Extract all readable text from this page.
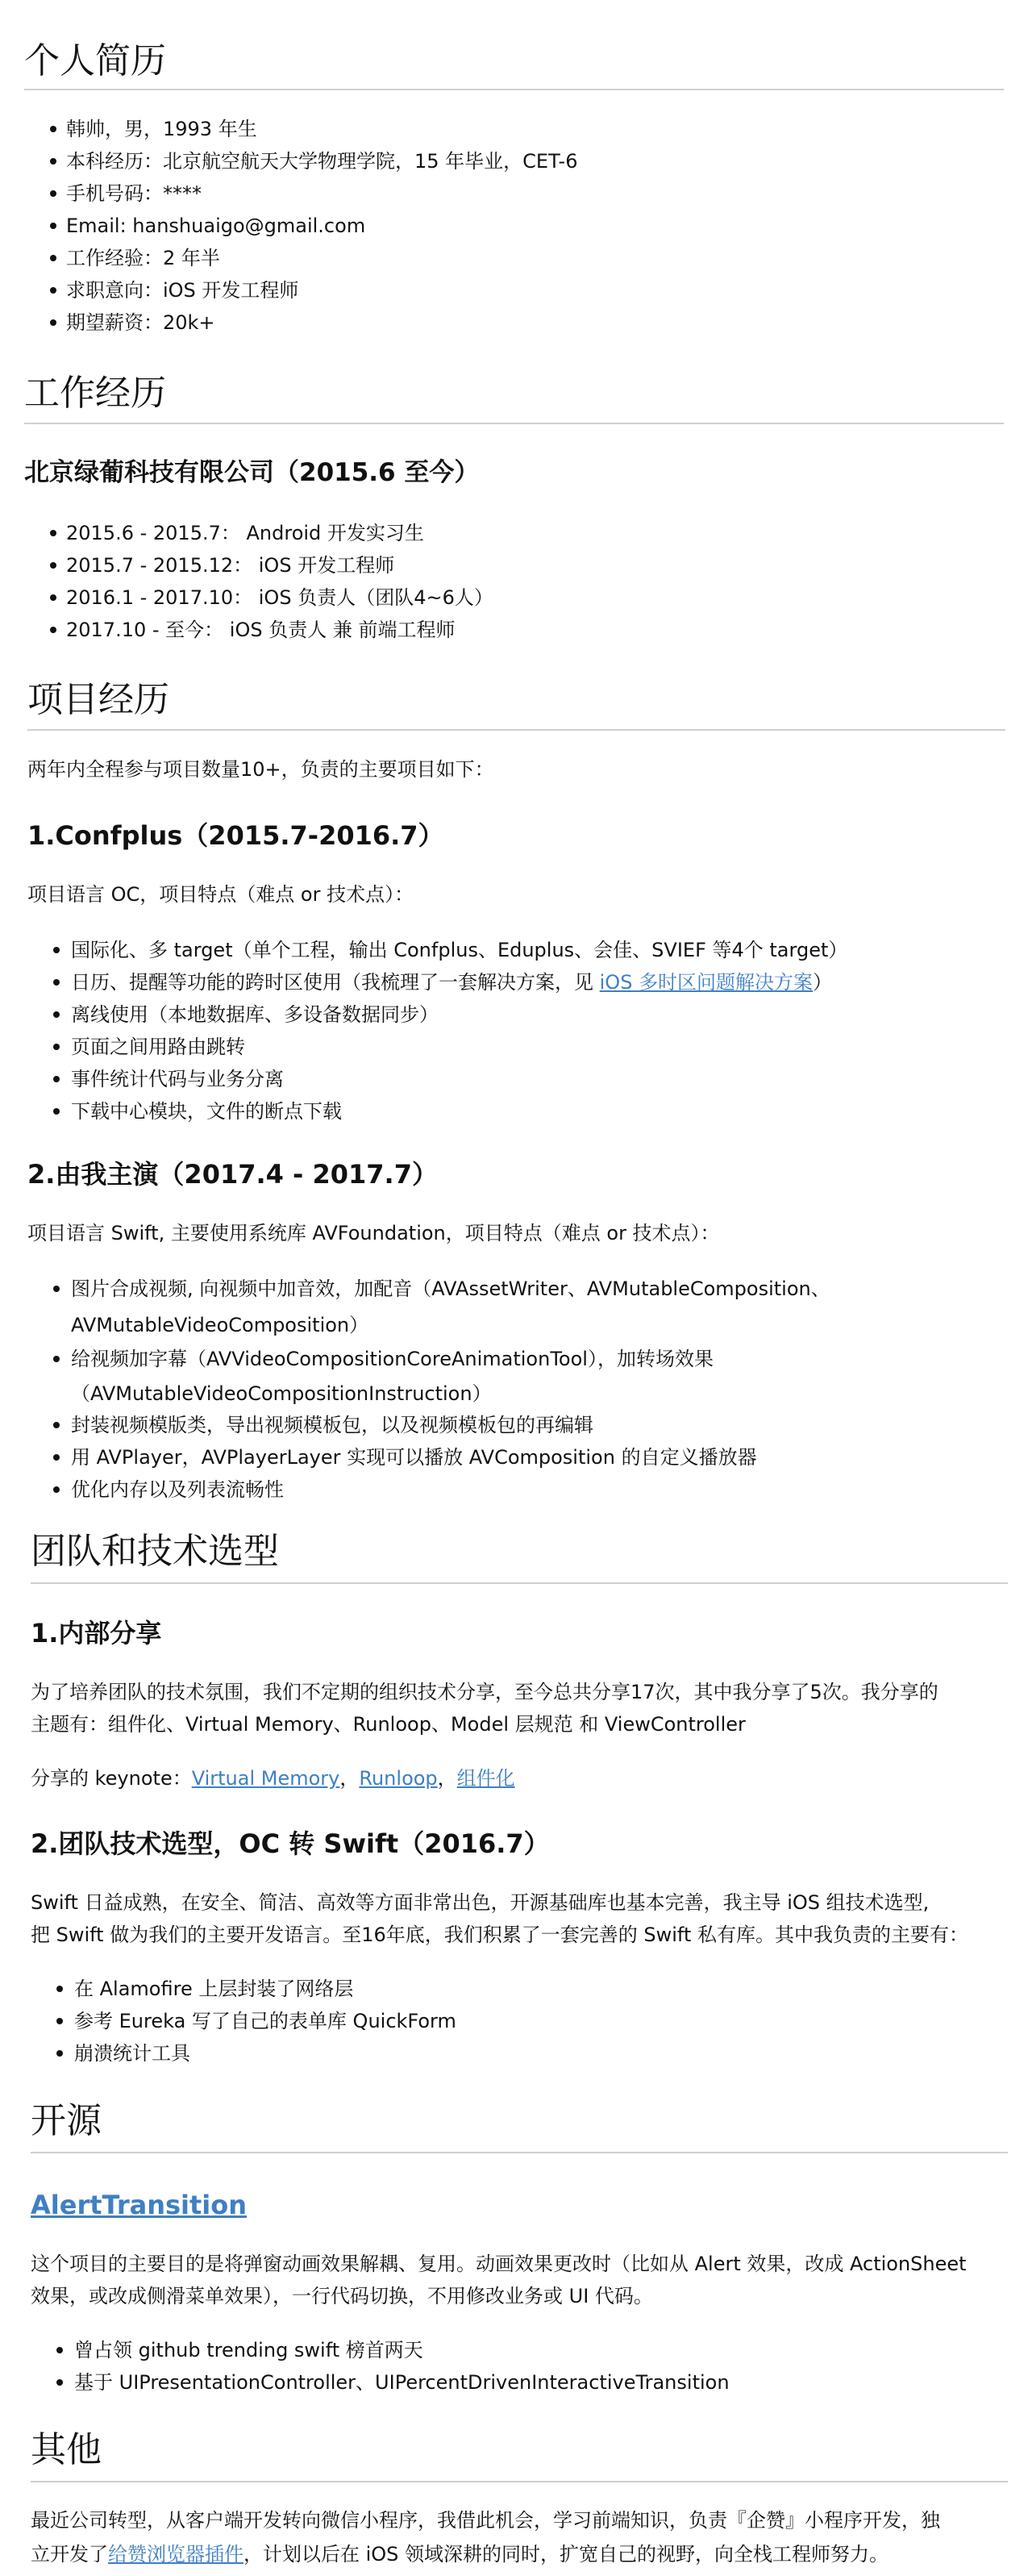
个人简历
韩帅，男，1993 年生
本科经历：北京航空航天大学物理学院，15 年毕业，CET-6
手机号码：****
Email: hanshuaigo@gmail.com
工作经验：2 年半
求职意向：iOS 开发工程师
期望薪资：20k+
工作经历
北京绿葡科技有限公司（2015.6 至今）
2015.6 - 2015.7： Android 开发实习生
2015.7 - 2015.12： iOS 开发工程师
2016.1 - 2017.10： iOS 负责人（团队4~6人）
2017.10 - 至今： iOS 负责人 兼 前端工程师
项目经历
两年内全程参与项目数量10+，负责的主要项目如下：
1.Confplus（2015.7-2016.7）
项目语言 OC，项目特点（难点 or 技术点）：
国际化、多 target（单个工程，输出 Confplus、Eduplus、会佳、SVIEF 等4个 target）
日历、提醒等功能的跨时区使用（我梳理了一套解决方案，见 iOS 多时区问题解决方案）
离线使用（本地数据库、多设备数据同步）
页面之间用路由跳转
事件统计代码与业务分离
下载中心模块，文件的断点下载
2.由我主演（2017.4 - 2017.7）
项目语言 Swift, 主要使用系统库 AVFoundation，项目特点（难点 or 技术点）：
图片合成视频, 向视频中加音效，加配音（AVAssetWriter、AVMutableComposition、
AVMutableVideoComposition）
给视频加字幕（AVVideoCompositionCoreAnimationTool），加转场效果
（AVMutableVideoCompositionInstruction）
封装视频模版类，导出视频模板包，以及视频模板包的再编辑
用 AVPlayer，AVPlayerLayer 实现可以播放 AVComposition 的自定义播放器
优化内存以及列表流畅性
团队和技术选型
1.内部分享
为了培养团队的技术氛围，我们不定期的组织技术分享，至今总共分享17次，其中我分享了5次。我分享的
主题有：组件化、Virtual Memory、Runloop、Model 层规范 和 ViewController
分享的 keynote：Virtual Memory，Runloop，组件化
2.团队技术选型，OC 转 Swift（2016.7）
Swift 日益成熟，在安全、简洁、高效等方面非常出色，开源基础库也基本完善，我主导 iOS 组技术选型,
把 Swift 做为我们的主要开发语言。至16年底，我们积累了一套完善的 Swift 私有库。其中我负责的主要有：
在 Alamofire 上层封装了网络层
参考 Eureka 写了自己的表单库 QuickForm
崩溃统计工具
开源
AlertTransition
这个项目的主要目的是将弹窗动画效果解耦、复用。动画效果更改时（比如从 Alert 效果，改成 ActionSheet
效果，或改成侧滑菜单效果），一行代码切换，不用修改业务或 UI 代码。
曾占领 github trending swift 榜首两天
基于 UIPresentationController、UIPercentDrivenInteractiveTransition
其他
最近公司转型，从客户端开发转向微信小程序，我借此机会，学习前端知识，负责『企赞』小程序开发，独
立开发了给赞浏览器插件，计划以后在 iOS 领域深耕的同时，扩宽自己的视野，向全栈工程师努力。
